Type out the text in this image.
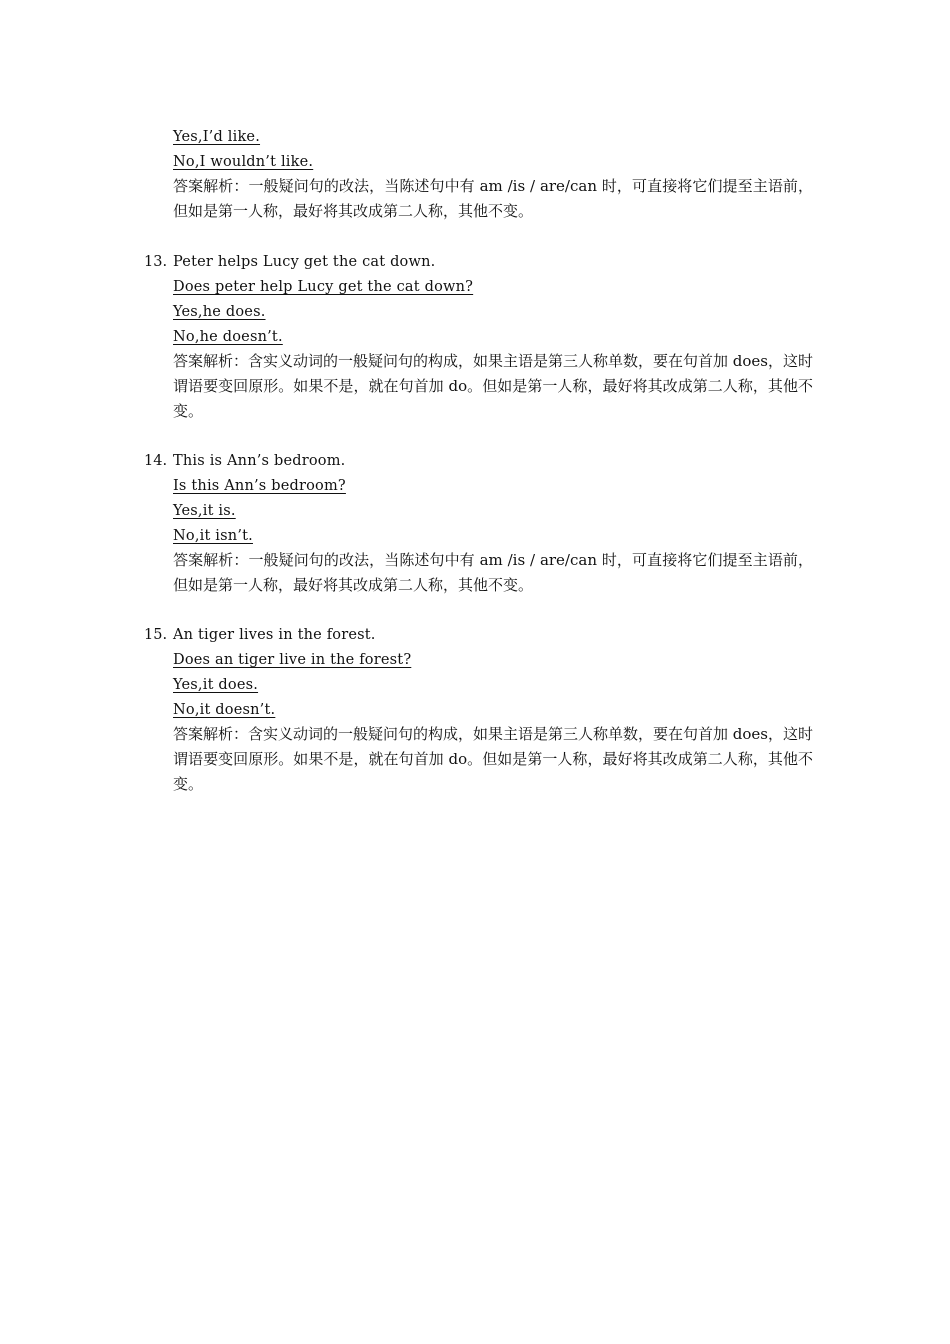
Yes,I’d like.
No,I wouldn’t like.
答案解析：一般疑问句的改法，当陈述句中有 am /is / are/can 时，可直接将它们提至主语前，但如是第一人称，最好将其改成第二人称，其他不变。
13. Peter helps Lucy get the cat down.
Does peter help Lucy get the cat down?
Yes,he does.
No,he doesn’t.
答案解析：含实义动词的一般疑问句的构成，如果主语是第三人称单数，要在句首加 does，这时谓语要变回原形。如果不是，就在句首加 do。但如是第一人称，最好将其改成第二人称，其他不变。
14. This is Ann’s bedroom.
Is this Ann’s bedroom?
Yes,it is.
No,it isn’t.
答案解析：一般疑问句的改法，当陈述句中有 am /is / are/can 时，可直接将它们提至主语前，但如是第一人称，最好将其改成第二人称，其他不变。
15. An tiger lives in the forest.
Does an tiger live in the forest?
Yes,it does.
No,it doesn’t.
答案解析：含实义动词的一般疑问句的构成，如果主语是第三人称单数，要在句首加 does，这时谓语要变回原形。如果不是，就在句首加 do。但如是第一人称，最好将其改成第二人称，其他不变。
